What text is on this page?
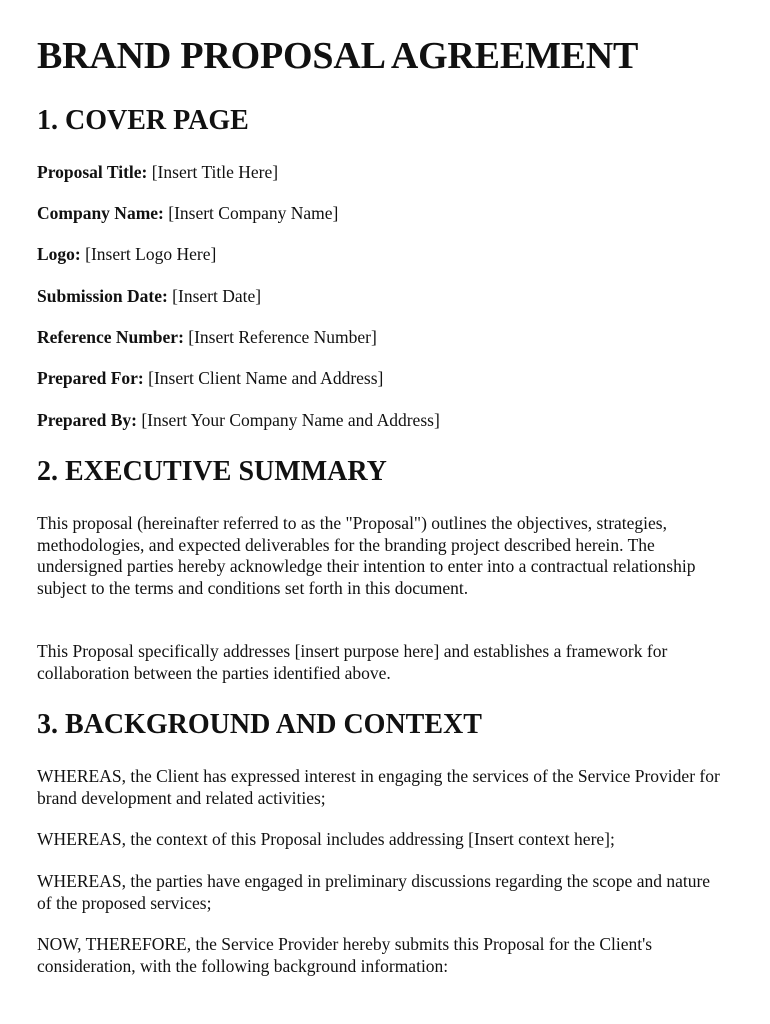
BRAND PROPOSAL AGREEMENT
1. COVER PAGE
Proposal Title: [Insert Title Here]
Company Name: [Insert Company Name]
Logo: [Insert Logo Here]
Submission Date: [Insert Date]
Reference Number: [Insert Reference Number]
Prepared For: [Insert Client Name and Address]
Prepared By: [Insert Your Company Name and Address]
2. EXECUTIVE SUMMARY

This proposal (hereinafter referred to as the "Proposal") outlines the objectives, strategies, methodologies, and expected deliverables for the branding project described herein. The undersigned parties hereby acknowledge their intention to enter into a contractual relationship subject to the terms and conditions set forth in this document.

This Proposal specifically addresses [insert purpose here] and establishes a framework for collaboration between the parties identified above.

3. BACKGROUND AND CONTEXT

WHEREAS, the Client has expressed interest in engaging the services of the Service Provider for brand development and related activities;

WHEREAS, the context of this Proposal includes addressing [Insert context here];

WHEREAS, the parties have engaged in preliminary discussions regarding the scope and nature of the proposed services;

NOW, THEREFORE, the Service Provider hereby submits this Proposal for the Client's consideration, with the following background information:
